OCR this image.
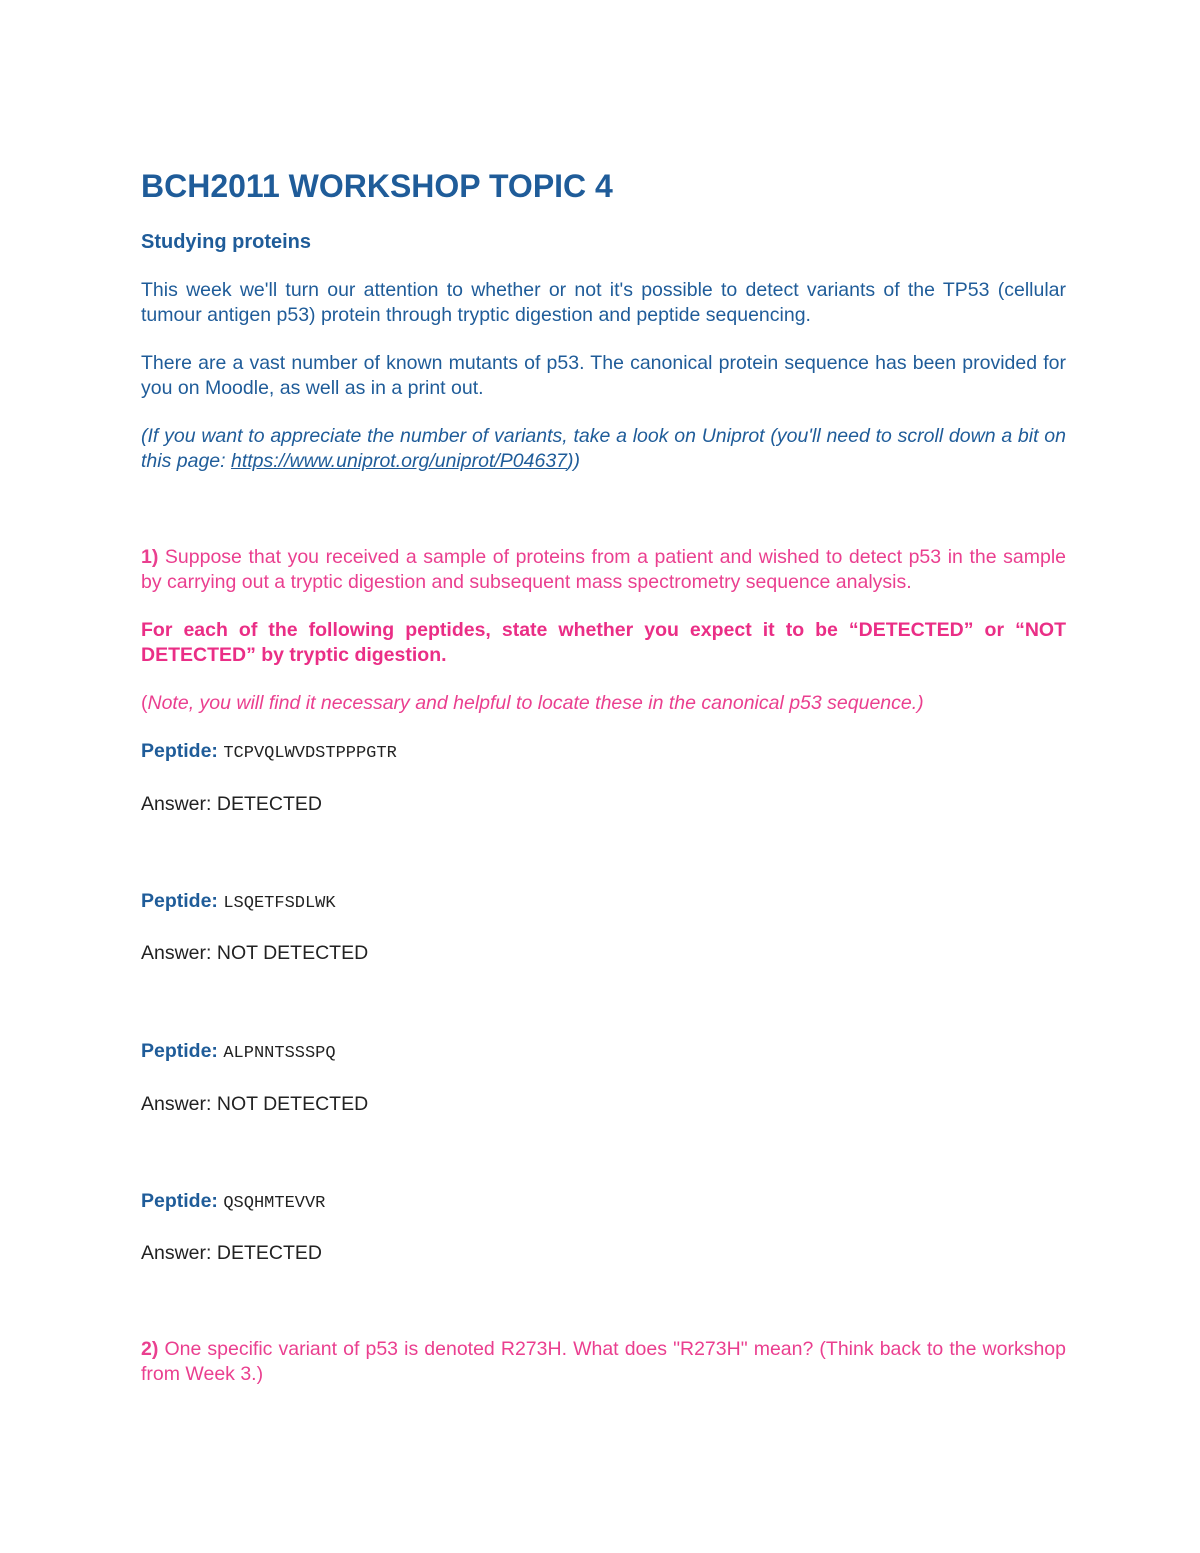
BCH2011 WORKSHOP TOPIC 4
Studying proteins

This week we'll turn our attention to whether or not it's possible to detect variants of the TP53 (cellular tumour antigen p53) protein through tryptic digestion and peptide sequencing.

There are a vast number of known mutants of p53. The canonical protein sequence has been provided for you on Moodle, as well as in a print out.

(If you want to appreciate the number of variants, take a look on Uniprot (you'll need to scroll down a bit on this page: https://www.uniprot.org/uniprot/P04637))

1) Suppose that you received a sample of proteins from a patient and wished to detect p53 in the sample by carrying out a tryptic digestion and subsequent mass spectrometry sequence analysis.

For each of the following peptides, state whether you expect it to be “DETECTED” or “NOT DETECTED” by tryptic digestion.

(Note, you will find it necessary and helpful to locate these in the canonical p53 sequence.)

Peptide: TCPVQLWVDSTPPPGTR

Answer: DETECTED

Peptide: LSQETFSDLWK

Answer: NOT DETECTED

Peptide: ALPNNTSSSPQ

Answer: NOT DETECTED

Peptide: QSQHMTEVVR

Answer: DETECTED

2) One specific variant of p53 is denoted R273H. What does "R273H" mean? (Think back to the workshop from Week 3.)
